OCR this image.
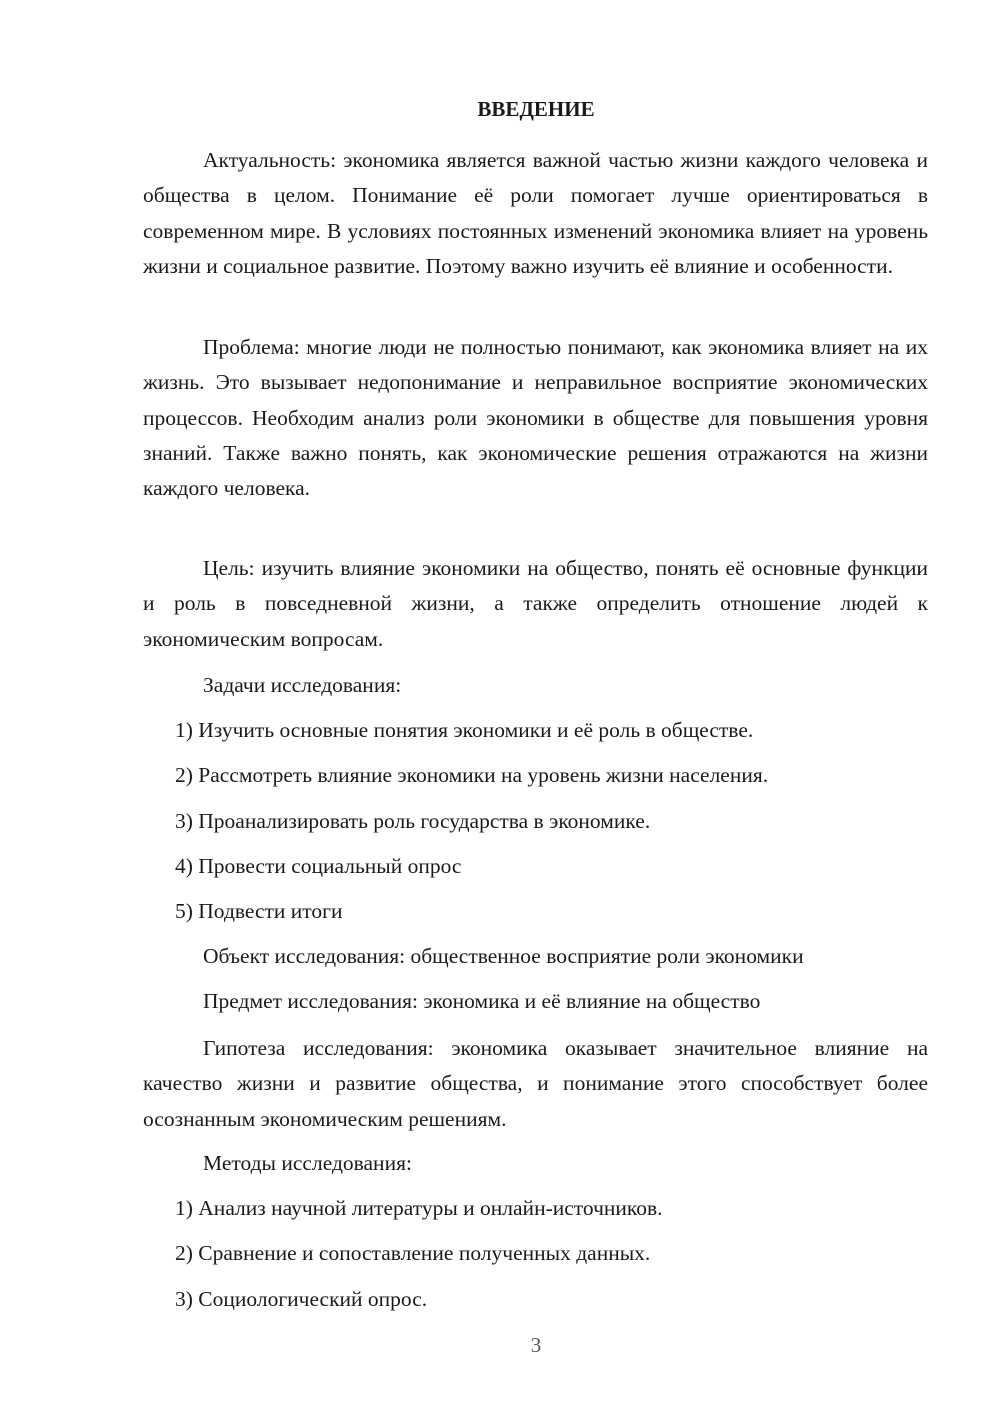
ВВЕДЕНИЕ

Актуальность: экономика является важной частью жизни каждого человека и общества в целом. Понимание её роли помогает лучше ориентироваться в современном мире. В условиях постоянных изменений экономика влияет на уровень жизни и социальное развитие. Поэтому важно изучить её влияние и особенности.

Проблема: многие люди не полностью понимают, как экономика влияет на их жизнь. Это вызывает недопонимание и неправильное восприятие экономических процессов. Необходим анализ роли экономики в обществе для повышения уровня знаний. Также важно понять, как экономические решения отражаются на жизни каждого человека.

Цель: изучить влияние экономики на общество, понять её основные функции и роль в повседневной жизни, а также определить отношение людей к экономическим вопросам.

Задачи исследования:
1) Изучить основные понятия экономики и её роль в обществе.
2) Рассмотреть влияние экономики на уровень жизни населения.
3) Проанализировать роль государства в экономике.
4) Провести социальный опрос
5) Подвести итоги
Объект исследования: общественное восприятие роли экономики
Предмет исследования: экономика и её влияние на общество

Гипотеза исследования: экономика оказывает значительное влияние на качество жизни и развитие общества, и понимание этого способствует более осознанным экономическим решениям.

Методы исследования:
1) Анализ научной литературы и онлайн-источников.
2) Сравнение и сопоставление полученных данных.
3) Социологический опрос.
3
